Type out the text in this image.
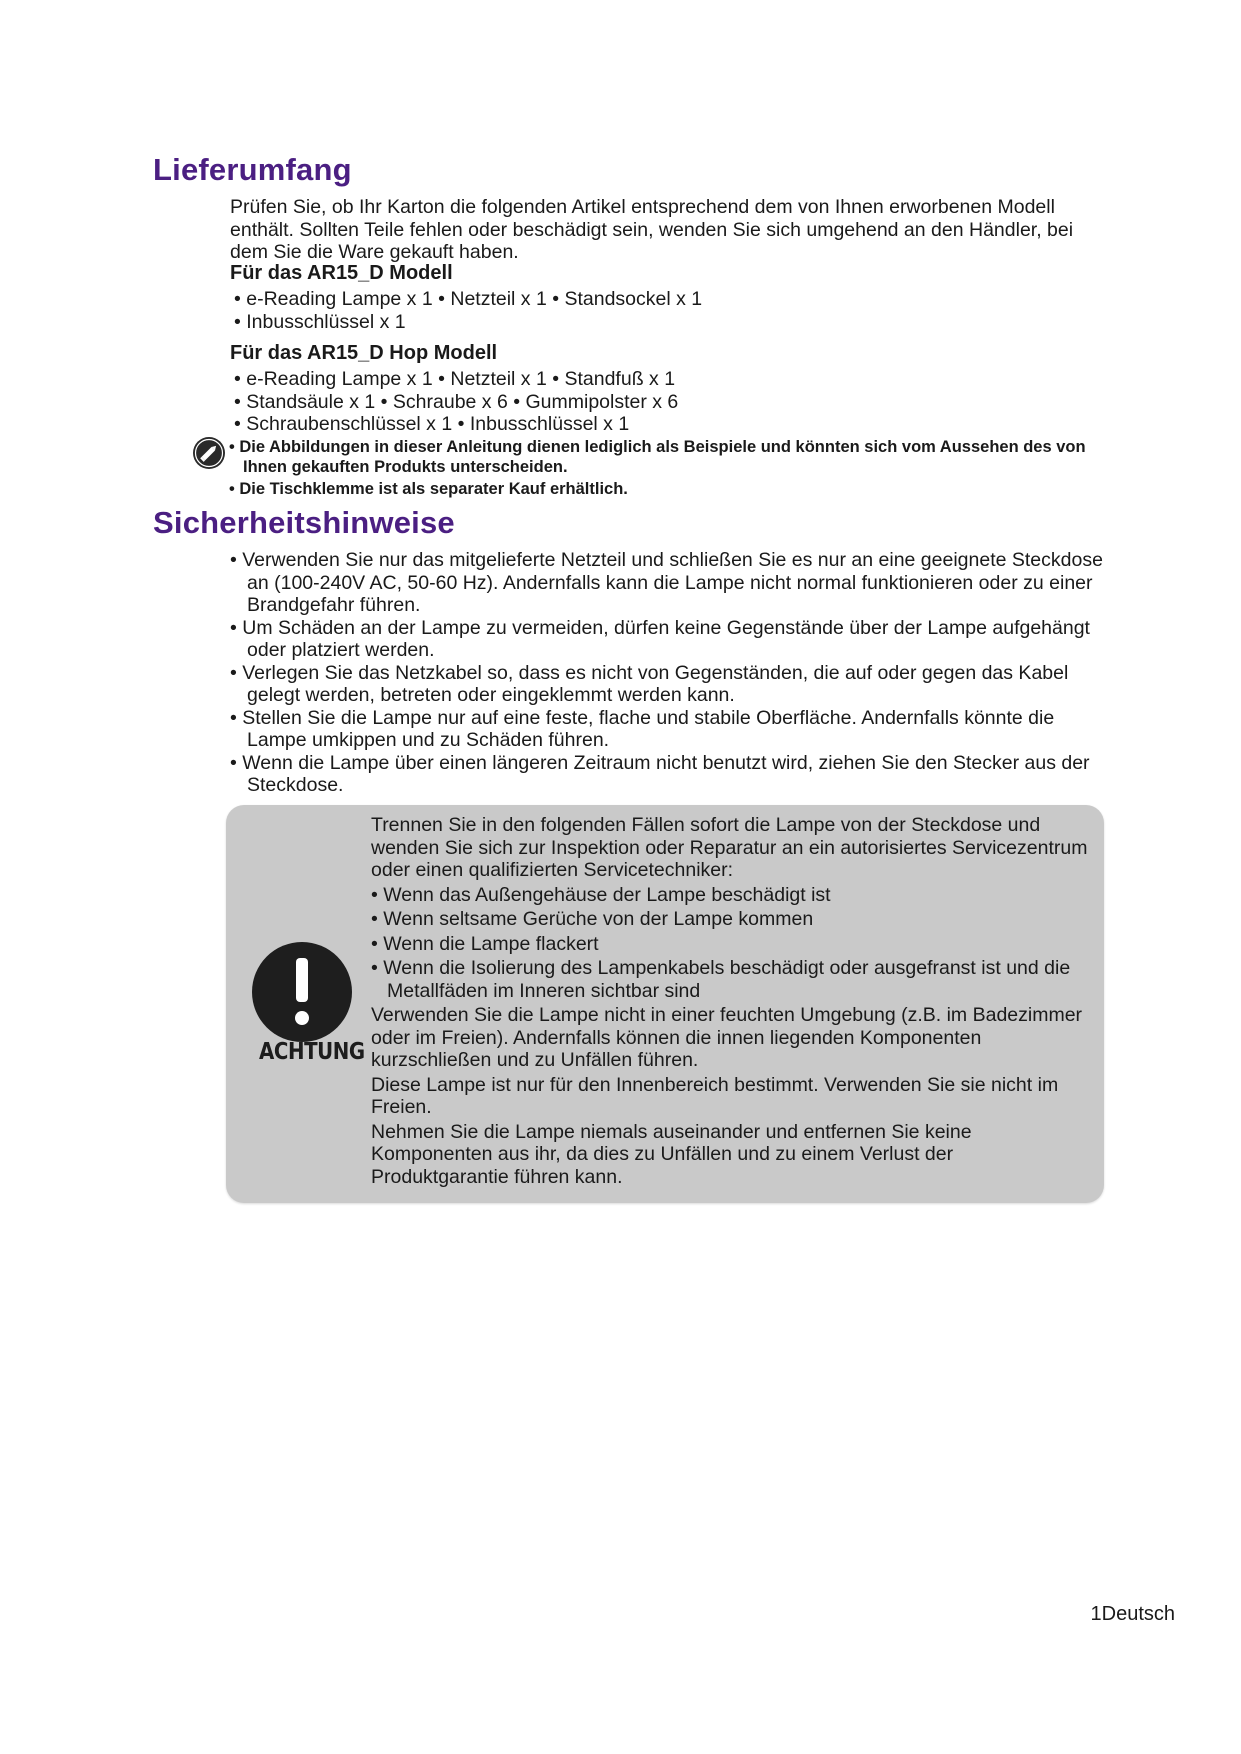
Lieferumfang

Prüfen Sie, ob Ihr Karton die folgenden Artikel entsprechend dem von Ihnen erworbenen Modell enthält. Sollten Teile fehlen oder beschädigt sein, wenden Sie sich umgehend an den Händler, bei dem Sie die Ware gekauft haben.

Für das AR15_D Modell

• e-Reading Lampe x 1 • Netzteil x 1 • Standsockel x 1
• Inbusschlüssel x 1

Für das AR15_D Hop Modell

• e-Reading Lampe x 1 • Netzteil x 1 • Standfuß x 1
• Standsäule x 1 • Schraube x 6 • Gummipolster x 6
• Schraubenschlüssel x 1 • Inbusschlüssel x 1
• Die Abbildungen in dieser Anleitung dienen lediglich als Beispiele und könnten sich vom Aussehen des von Ihnen gekauften Produkts unterscheiden.
• Die Tischklemme ist als separater Kauf erhältlich.
Sicherheitshinweise
• Verwenden Sie nur das mitgelieferte Netzteil und schließen Sie es nur an eine geeignete Steckdose an (100-240V AC, 50-60 Hz). Andernfalls kann die Lampe nicht normal funktionieren oder zu einer Brandgefahr führen.
• Um Schäden an der Lampe zu vermeiden, dürfen keine Gegenstände über der Lampe aufgehängt oder platziert werden.
• Verlegen Sie das Netzkabel so, dass es nicht von Gegenständen, die auf oder gegen das Kabel gelegt werden, betreten oder eingeklemmt werden kann.
• Stellen Sie die Lampe nur auf eine feste, flache und stabile Oberfläche. Andernfalls könnte die Lampe umkippen und zu Schäden führen.
• Wenn die Lampe über einen längeren Zeitraum nicht benutzt wird, ziehen Sie den Stecker aus der Steckdose.
ACHTUNG

Trennen Sie in den folgenden Fällen sofort die Lampe von der Steckdose und wenden Sie sich zur Inspektion oder Reparatur an ein autorisiertes Servicezentrum oder einen qualifizierten Servicetechniker:

• Wenn das Außengehäuse der Lampe beschädigt ist
• Wenn seltsame Gerüche von der Lampe kommen
• Wenn die Lampe flackert
• Wenn die Isolierung des Lampenkabels beschädigt oder ausgefranst ist und die Metallfäden im Inneren sichtbar sind

Verwenden Sie die Lampe nicht in einer feuchten Umgebung (z.B. im Badezimmer oder im Freien). Andernfalls können die innen liegenden Komponenten kurzschließen und zu Unfällen führen.

Diese Lampe ist nur für den Innenbereich bestimmt. Verwenden Sie sie nicht im Freien.

Nehmen Sie die Lampe niemals auseinander und entfernen Sie keine Komponenten aus ihr, da dies zu Unfällen und zu einem Verlust der Produktgarantie führen kann.

1Deutsch
